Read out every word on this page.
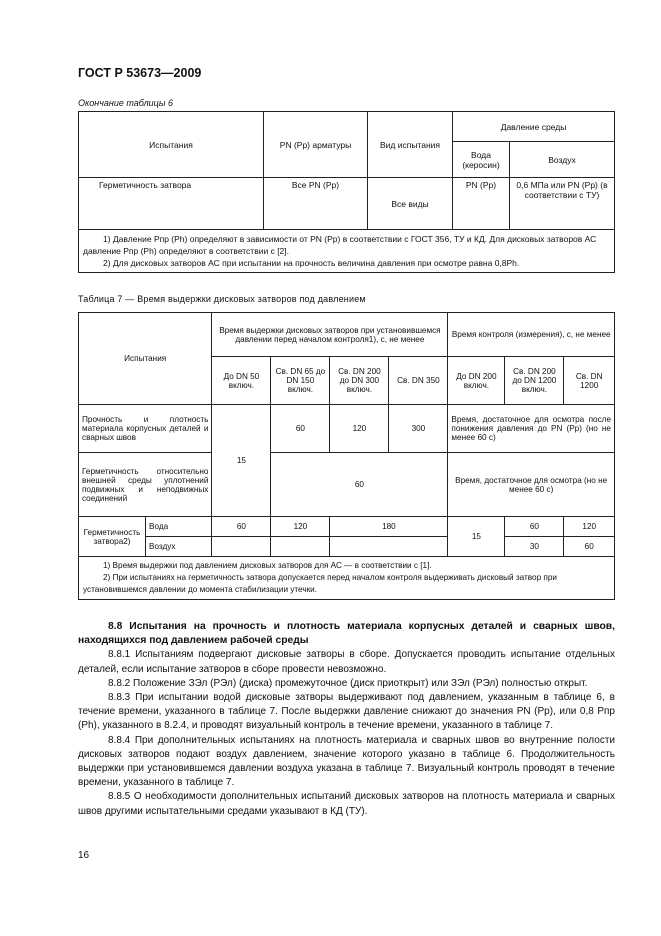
ГОСТ Р 53673—2009
Окончание таблицы 6
Испытания	PN (Pp) арматуры	Вид испытания	Давление среды	
			Вода (керосин)	Воздух
Герметичность затвора	Все PN (Pp)	Все виды	PN (Pp)	0,6 МПа или PN (Pp) (в соответствии с ТУ)

1) Давление Pпр (Ph) определяют в зависимости от PN (Pp) в соответствии с ГОСТ 356, ТУ и КД. Для дисковых затворов АС давление Pпр (Ph) определяют в соответствии с [2].
2) Для дисковых затворов АС при испытании на прочность величина давления при осмотре равна 0,8Ph.				
Таблица 7 — Время выдержки дисковых затворов под давлением
Испытания		Время выдержки дисковых затворов при установившемся давлении перед началом контроля1), с, не менее				Время контроля (измерения), с, не менее		
		До DN 50 включ.	Св. DN 65 до DN 150 включ.	Св. DN 200 до DN 300 включ.	Св. DN 350	До DN 200 включ.	Св. DN 200 до DN 1200 включ.	Св. DN 1200
Прочность и плотность материала корпусных деталей и сварных швов		15	60	120	300	Время, достаточное для осмотра после понижения давления до PN (Pp) (но не менее 60 с)		
Герметичность относительно внешней среды уплотнений подвижных и неподвижных соединений			60			Время, достаточное для осмотра (но не менее 60 с)		
Герметичность затвора2)	Вода	60	120	180		15	60	120
	Воздух						30	60

1) Время выдержки под давлением дисковых затворов для АС — в соответствии с [1].
2) При испытаниях на герметичность затвора допускается перед началом контроля выдерживать дисковый затвор при установившемся давлении до момента стабилизации утечки.								

8.8 Испытания на прочность и плотность материала корпусных деталей и сварных швов, находящихся под давлением рабочей среды

8.8.1 Испытаниям подвергают дисковые затворы в сборе. Допускается проводить испытание отдельных деталей, если испытание затворов в сборе провести невозможно.

8.8.2 Положение ЗЭл (РЭл) (диска) промежуточное (диск приоткрыт) или ЗЭл (РЭл) полностью открыт.

8.8.3 При испытании водой дисковые затворы выдерживают под давлением, указанным в таблице 6, в течение времени, указанного в таблице 7. После выдержки давление снижают до значения PN (Pp), или 0,8 Pпр (Ph), указанного в 8.2.4, и проводят визуальный контроль в течение времени, указанного в таблице 7.

8.8.4 При дополнительных испытаниях на плотность материала и сварных швов во внутренние полости дисковых затворов подают воздух давлением, значение которого указано в таблице 6. Продолжительность выдержки при установившемся давлении воздуха указана в таблице 7. Визуальный контроль проводят в течение времени, указанного в таблице 7.

8.8.5 О необходимости дополнительных испытаний дисковых затворов на плотность материала и сварных швов другими испытательными средами указывают в КД (ТУ).

16
